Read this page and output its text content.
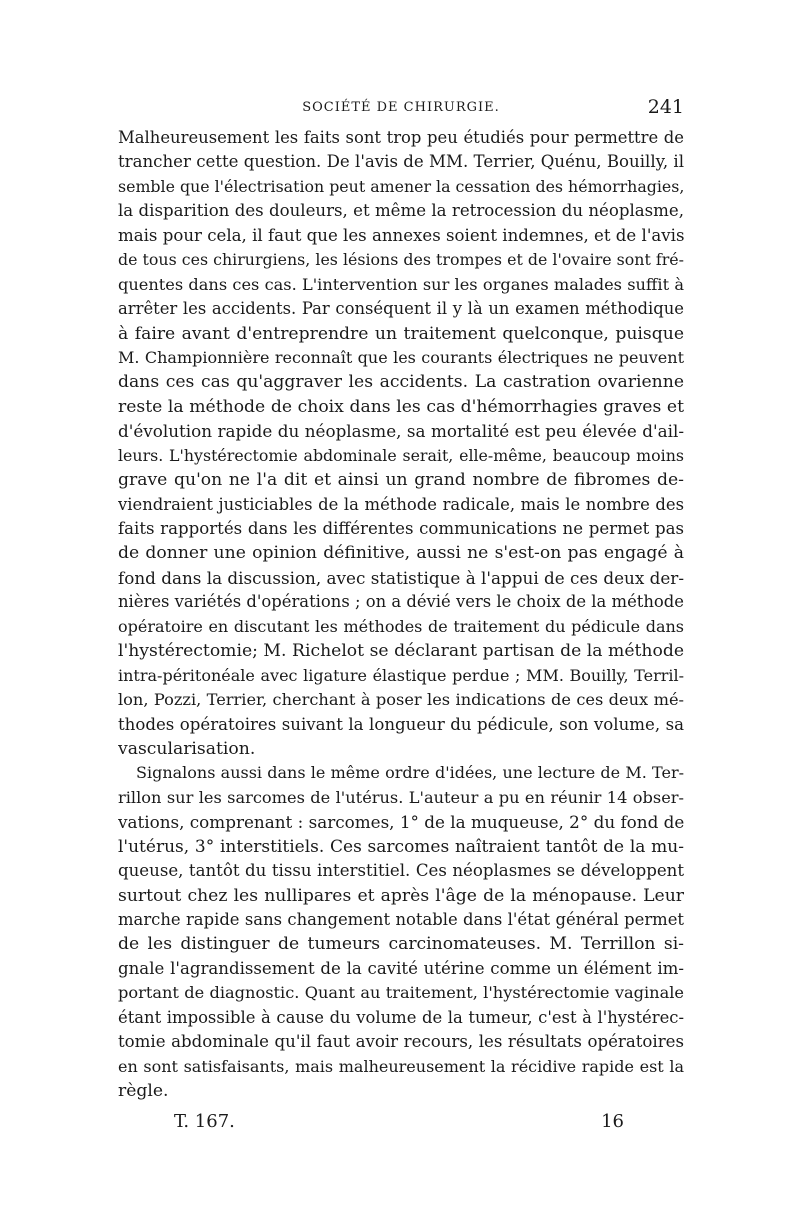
SOCIÉTÉ DE CHIRURGIE.	241
Malheureusement les faits sont trop peu étudiés pour permettre de
trancher cette question. De l'avis de MM. Terrier, Quénu, Bouilly, il
semble que l'électrisation peut amener la cessation des hémorrhagies,
la disparition des douleurs, et même la retrocession du néoplasme,
mais pour cela, il faut que les annexes soient indemnes, et de l'avis
de tous ces chirurgiens, les lésions des trompes et de l'ovaire sont fré-
quentes dans ces cas. L'intervention sur les organes malades suffit à
arrêter les accidents. Par conséquent il y là un examen méthodique
à faire avant d'entreprendre un traitement quelconque, puisque
M. Championnière reconnaît que les courants électriques ne peuvent
dans ces cas qu'aggraver les accidents. La castration ovarienne
reste la méthode de choix dans les cas d'hémorrhagies graves et
d'évolution rapide du néoplasme, sa mortalité est peu élevée d'ail-
leurs. L'hystérectomie abdominale serait, elle-même, beaucoup moins
grave qu'on ne l'a dit et ainsi un grand nombre de fibromes de-
viendraient justiciables de la méthode radicale, mais le nombre des
faits rapportés dans les différentes communications ne permet pas
de donner une opinion définitive, aussi ne s'est-on pas engagé à
fond dans la discussion, avec statistique à l'appui de ces deux der-
nières variétés d'opérations ; on a dévié vers le choix de la méthode
opératoire en discutant les méthodes de traitement du pédicule dans
l'hystérectomie; M. Richelot se déclarant partisan de la méthode
intra-péritonéale avec ligature élastique perdue ; MM. Bouilly, Terril-
lon, Pozzi, Terrier, cherchant à poser les indications de ces deux mé-
thodes opératoires suivant la longueur du pédicule, son volume, sa
vascularisation.
Signalons aussi dans le même ordre d'idées, une lecture de M. Ter-
rillon sur les sarcomes de l'utérus. L'auteur a pu en réunir 14 obser-
vations, comprenant : sarcomes, 1° de la muqueuse, 2° du fond de
l'utérus, 3° interstitiels. Ces sarcomes naîtraient tantôt de la mu-
queuse, tantôt du tissu interstitiel. Ces néoplasmes se développent
surtout chez les nullipares et après l'âge de la ménopause. Leur
marche rapide sans changement notable dans l'état général permet
de les distinguer de tumeurs carcinomateuses. M. Terrillon si-
gnale l'agrandissement de la cavité utérine comme un élément im-
portant de diagnostic. Quant au traitement, l'hystérectomie vaginale
étant impossible à cause du volume de la tumeur, c'est à l'hystérec-
tomie abdominale qu'il faut avoir recours, les résultats opératoires
en sont satisfaisants, mais malheureusement la récidive rapide est la
règle.
T. 167.	16
